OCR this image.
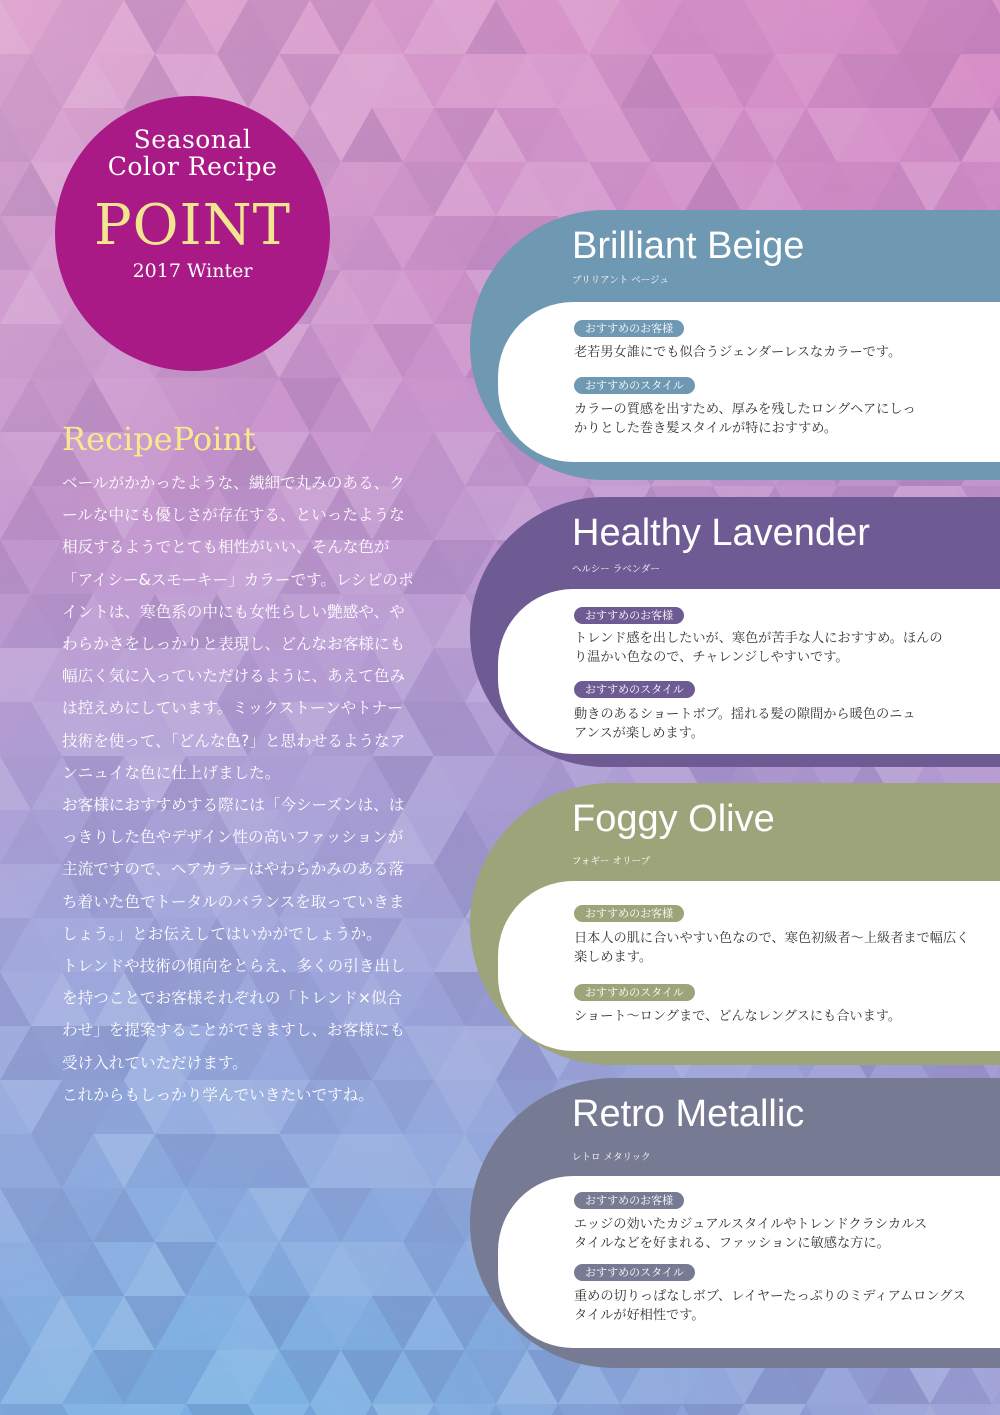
Seasonal
Color Recipe
POINT
2017 Winter
RecipePoint

ベールがかかったような、繊細で丸みのある、クールな中にも優しさが存在する、といったような相反するようでとても相性がいい、そんな色が「アイシー&スモーキー」カラーです。レシピのポイントは、寒色系の中にも女性らしい艶感や、やわらかさをしっかりと表現し、どんなお客様にも幅広く気に入っていただけるように、あえて色みは控えめにしています。ミックストーンやトナー技術を使って、「どんな色?」と思わせるようなアンニュイな色に仕上げました。

お客様におすすめする際には「今シーズンは、はっきりした色やデザイン性の高いファッションが主流ですので、ヘアカラーはやわらかみのある落ち着いた色でトータルのバランスを取っていきましょう。」とお伝えしてはいかがでしょうか。

トレンドや技術の傾向をとらえ、多くの引き出しを持つことでお客様それぞれの「トレンド×似合わせ」を提案することができますし、お客様にも受け入れていただけます。

これからもしっかり学んでいきたいですね。

Brilliant Beige
ブリリアント ベージュ
おすすめのお客様
老若男女誰にでも似合うジェンダーレスなカラーです。
おすすめのスタイル
カラーの質感を出すため、厚みを残したロングヘアにしっかりとした巻き髪スタイルが特におすすめ。
Healthy Lavender
ヘルシー ラベンダー
おすすめのお客様
トレンド感を出したいが、寒色が苦手な人におすすめ。ほんのり温かい色なので、チャレンジしやすいです。
おすすめのスタイル
動きのあるショートボブ。揺れる髪の隙間から暖色のニュアンスが楽しめます。
Foggy Olive
フォギー オリーブ
おすすめのお客様
日本人の肌に合いやすい色なので、寒色初級者〜上級者まで幅広く楽しめます。
おすすめのスタイル
ショート〜ロングまで、どんなレングスにも合います。
Retro Metallic
レトロ メタリック
おすすめのお客様
エッジの効いたカジュアルスタイルやトレンドクラシカルスタイルなどを好まれる、ファッションに敏感な方に。
おすすめのスタイル
重めの切りっぱなしボブ、レイヤーたっぷりのミディアムロングスタイルが好相性です。
